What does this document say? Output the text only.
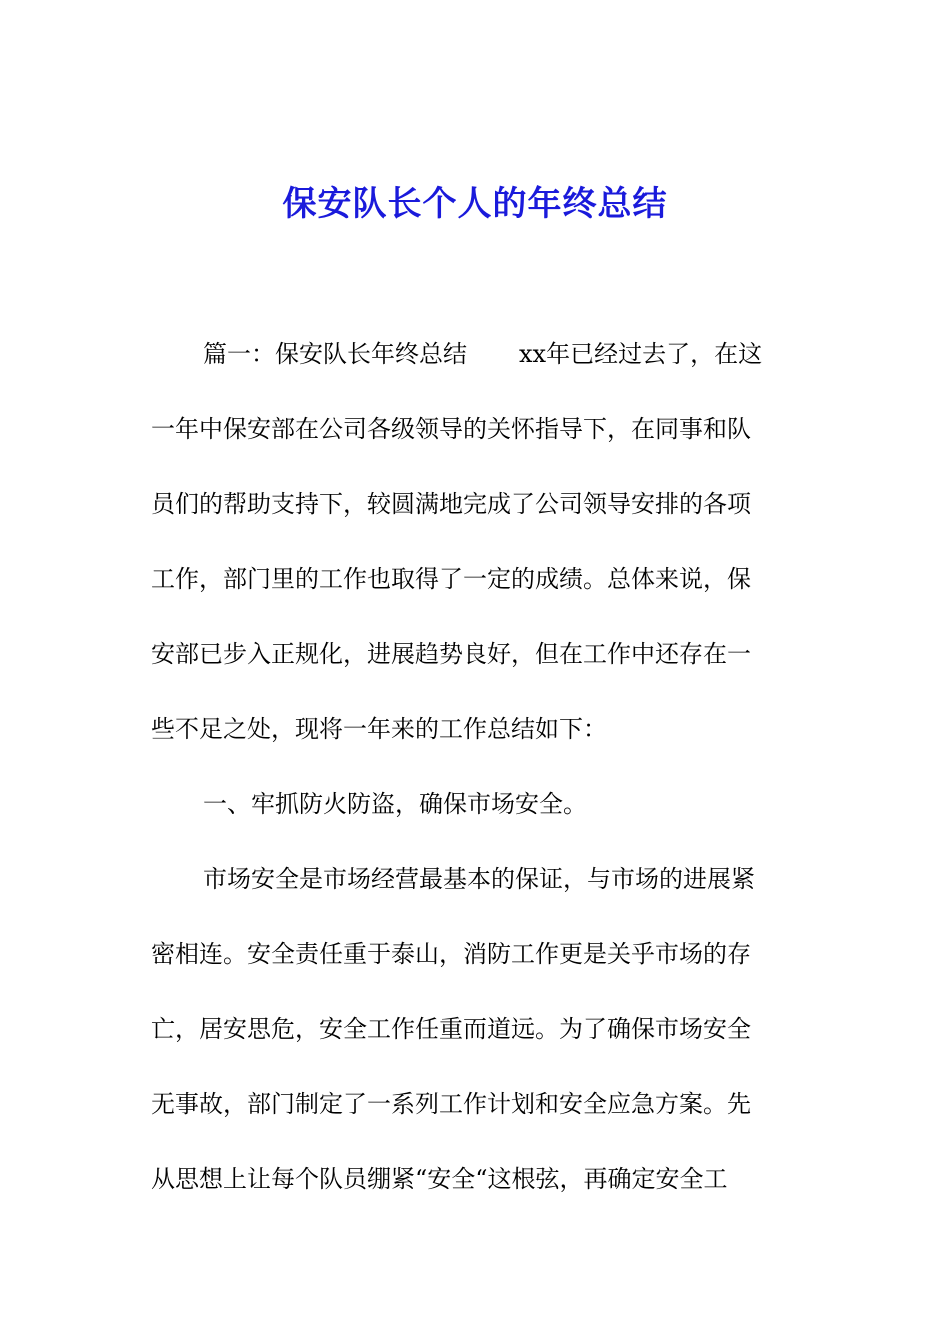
保安队长个人的年终总结
篇一：保安队长年终总结 xx年已经过去了，在这
一年中保安部在公司各级领导的关怀指导下，在同事和队
员们的帮助支持下，较圆满地完成了公司领导安排的各项
工作，部门里的工作也取得了一定的成绩。总体来说，保
安部已步入正规化，进展趋势良好，但在工作中还存在一
些不足之处，现将一年来的工作总结如下：
一、牢抓防火防盗，确保市场安全。
市场安全是市场经营最基本的保证，与市场的进展紧
密相连。安全责任重于泰山，消防工作更是关乎市场的存
亡，居安思危，安全工作任重而道远。为了确保市场安全
无事故，部门制定了一系列工作计划和安全应急方案。先
从思想上让每个队员绷紧“安全“这根弦，再确定安全工
